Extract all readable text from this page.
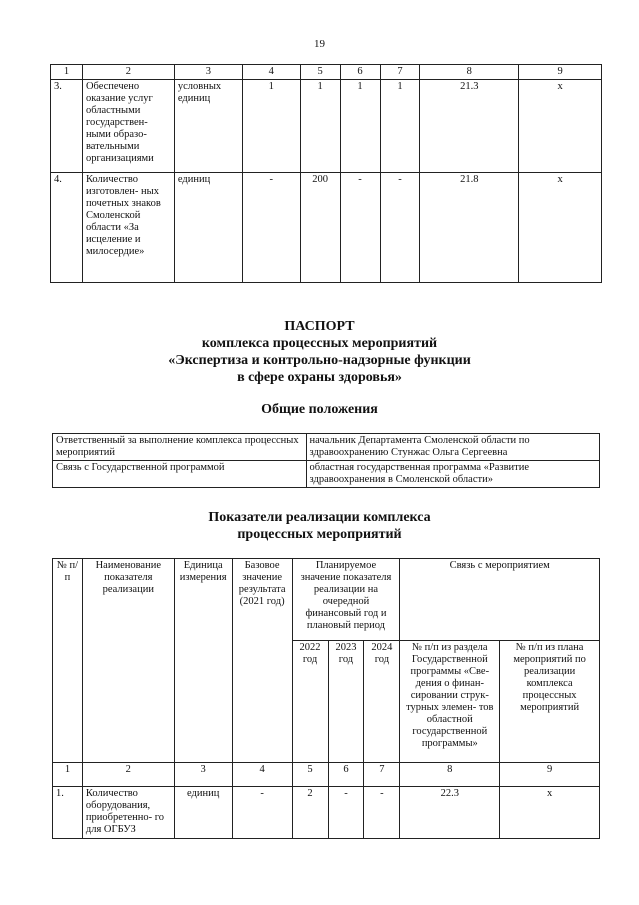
19
1	2	3	4	5	6	7	8	9
3.	Обеспечено оказание услуг областными государствен- ными образо- вательными организациями	условных единиц	1	1	1	1	21.3	х
4.	Количество изготовлен- ных почетных знаков Смоленской области «За исцеление и милосердие»	единиц	-	200	-	-	21.8	х
ПАСПОРТ
комплекса процессных мероприятий
«Экспертиза и контрольно-надзорные функции
в сфере охраны здоровья»
Общие положения
Ответственный за выполнение комплекса процессных мероприятий	начальник Департамента Смоленской области по здравоохранению Стунжас Ольга Сергеевна
Связь с Государственной программой	областная государственная программа «Развитие здравоохранения в Смоленской области»
Показатели реализации комплекса
процессных мероприятий
№ п/п	Наименование показателя реализации	Единица измерения	Базовое значение результата (2021 год)	Планируемое значение показателя реализации на очередной финансовый год и плановый период			Связь с мероприятием	
				2022 год	2023 год	2024 год	№ п/п из раздела Государственной программы «Све- дения о финан- сировании струк- турных элемен- тов областной государственной программы»	№ п/п из плана мероприятий по реализации комплекса процессных мероприятий
1	2	3	4	5	6	7	8	9
1.	Количество оборудования, приобретенно- го для ОГБУЗ	единиц	-	2	-	-	22.3	х
